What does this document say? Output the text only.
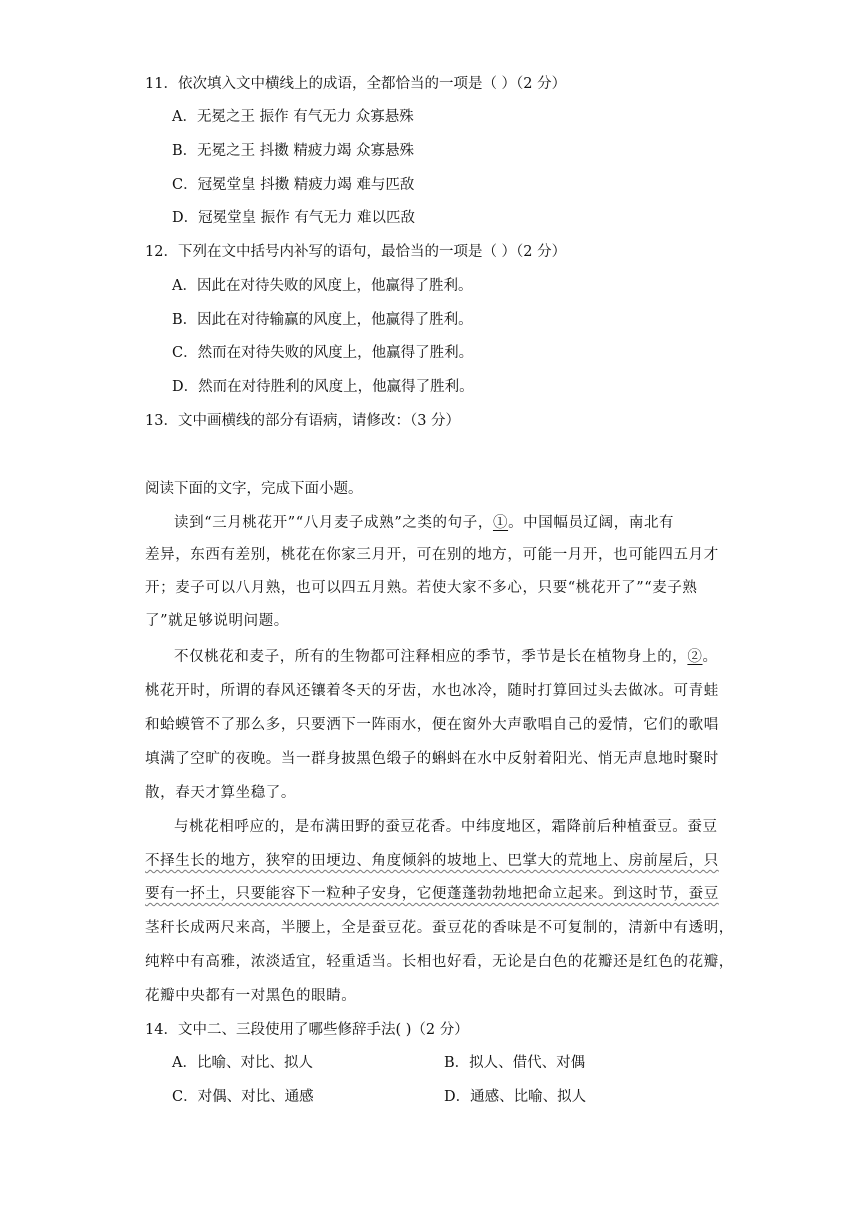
11．依次填入文中横线上的成语，全都恰当的一项是（ ）（2 分）
A．无冕之王 振作 有气无力 众寡悬殊
B．无冕之王 抖擞 精疲力竭 众寡悬殊
C．冠冕堂皇 抖擞 精疲力竭 难与匹敌
D．冠冕堂皇 振作 有气无力 难以匹敌
12．下列在文中括号内补写的语句，最恰当的一项是（ ）（2 分）
A．因此在对待失败的风度上，他赢得了胜利。
B．因此在对待输赢的风度上，他赢得了胜利。
C．然而在对待失败的风度上，他赢得了胜利。
D．然而在对待胜利的风度上，他赢得了胜利。
13．文中画横线的部分有语病，请修改：（3 分）
阅读下面的文字，完成下面小题。
读到“三月桃花开”“八月麦子成熟”之类的句子，①。中国幅员辽阔，南北有
差异，东西有差别，桃花在你家三月开，可在别的地方，可能一月开，也可能四五月才
开；麦子可以八月熟，也可以四五月熟。若使大家不多心，只要“桃花开了”“麦子熟
了”就足够说明问题。
不仅桃花和麦子，所有的生物都可注释相应的季节，季节是长在植物身上的，②。
桃花开时，所谓的春风还镶着冬天的牙齿，水也冰冷，随时打算回过头去做冰。可青蛙
和蛤蟆管不了那么多，只要洒下一阵雨水，便在窗外大声歌唱自己的爱情，它们的歌唱
填满了空旷的夜晚。当一群身披黑色缎子的蝌蚪在水中反射着阳光、悄无声息地时聚时
散，春天才算坐稳了。
与桃花相呼应的，是布满田野的蚕豆花香。中纬度地区，霜降前后种植蚕豆。蚕豆
不择生长的地方，狭窄的田埂边、角度倾斜的坡地上、巴掌大的荒地上、房前屋后，只
要有一抔土，只要能容下一粒种子安身，它便蓬蓬勃勃地把命立起来。到这时节，蚕豆
茎秆长成两尺来高，半腰上，全是蚕豆花。蚕豆花的香味是不可复制的，清新中有透明，
纯粹中有高雅，浓淡适宜，轻重适当。长相也好看，无论是白色的花瓣还是红色的花瓣，
花瓣中央都有一对黑色的眼睛。
14．文中二、三段使用了哪些修辞手法( )（2 分）
A．比喻、对比、拟人	B．拟人、借代、对偶
C．对偶、对比、通感	D．通感、比喻、拟人
